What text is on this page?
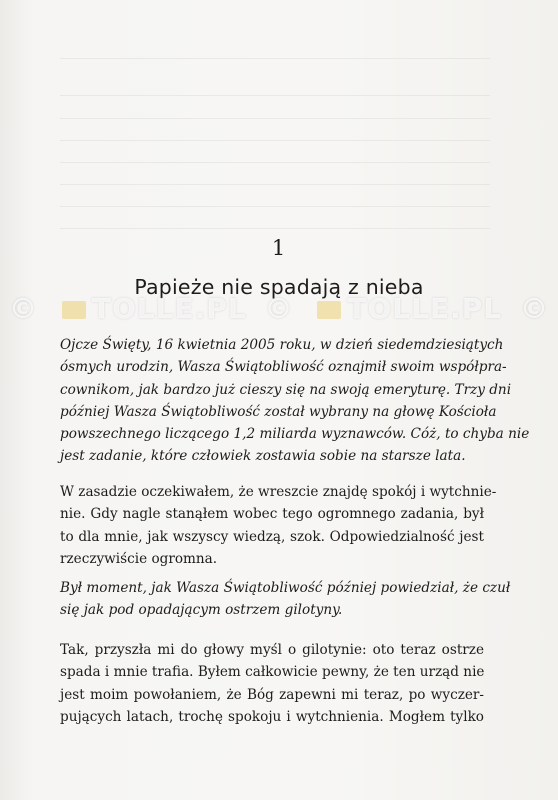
1
Papieże nie spadają z nieba
©	TOLLE.PL ©	TOLLE.PL ©
Ojcze Święty, 16 kwietnia 2005 roku, w dzień siedemdziesiątych
ósmych urodzin, Wasza Świątobliwość oznajmił swoim współpra-
cownikom, jak bardzo już cieszy się na swoją emeryturę. Trzy dni
później Wasza Świątobliwość został wybrany na głowę Kościoła
powszechnego liczącego 1,2 miliarda wyznawców. Cóż, to chyba nie
jest zadanie, które człowiek zostawia sobie na starsze lata.
W zasadzie oczekiwałem, że wreszcie znajdę spokój i wytchnie-
nie. Gdy nagle stanąłem wobec tego ogromnego zadania, był
to dla mnie, jak wszyscy wiedzą, szok. Odpowiedzialność jest
rzeczywiście ogromna.
Był moment, jak Wasza Świątobliwość później powiedział, że czuł
się jak pod opadającym ostrzem gilotyny.
Tak, przyszła mi do głowy myśl o gilotynie: oto teraz ostrze
spada i mnie trafia. Byłem całkowicie pewny, że ten urząd nie
jest moim powołaniem, że Bóg zapewni mi teraz, po wyczer-
pujących latach, trochę spokoju i wytchnienia. Mogłem tylko
